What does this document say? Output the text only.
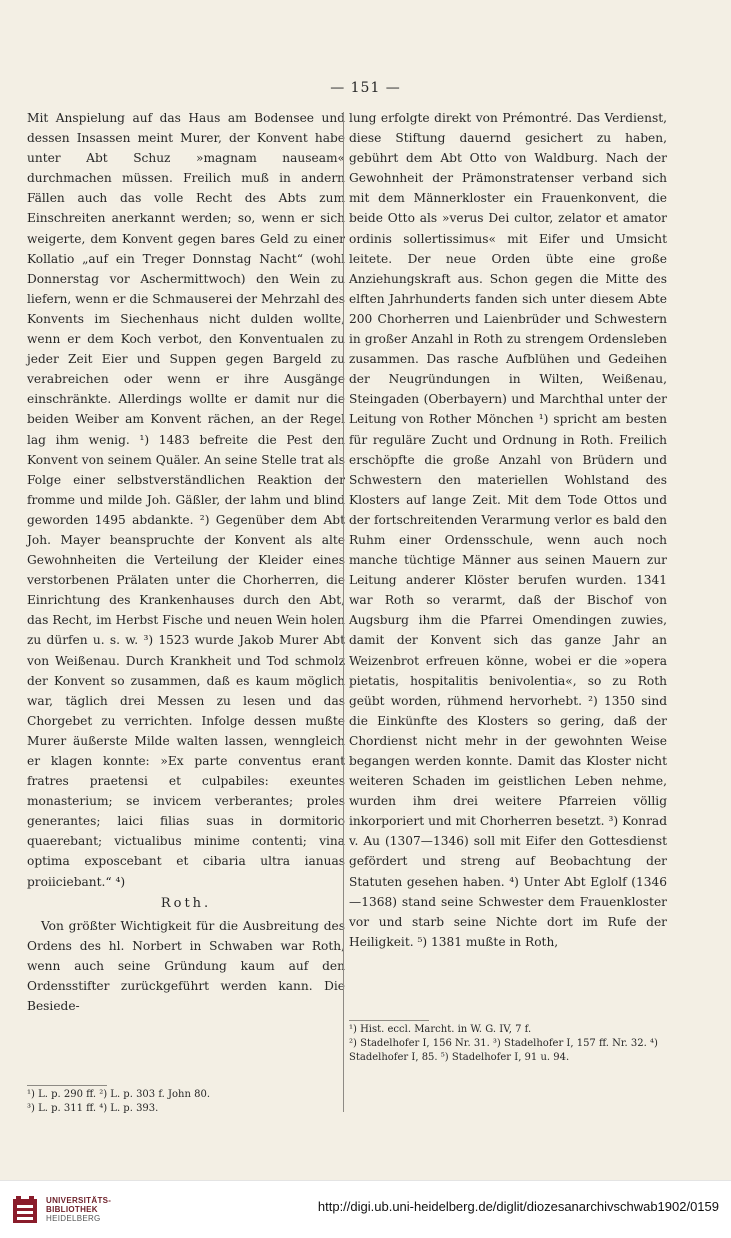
— 151 —

Mit Anspielung auf das Haus am Bodensee und dessen Insassen meint Murer, der Konvent habe unter Abt Schuz »magnam nauseam« durchmachen müssen. Freilich muß in andern Fällen auch das volle Recht des Abts zum Einschreiten anerkannt werden; so, wenn er sich weigerte, dem Konvent gegen bares Geld zu einer Kollatio „auf ein Treger Donnstag Nacht“ (wohl Donnerstag vor Aschermittwoch) den Wein zu liefern, wenn er die Schmauserei der Mehrzahl des Konvents im Siechenhaus nicht dulden wollte, wenn er dem Koch verbot, den Konventualen zu jeder Zeit Eier und Suppen gegen Bargeld zu verabreichen oder wenn er ihre Ausgänge einschränkte. Allerdings wollte er damit nur die beiden Weiber am Konvent rächen, an der Regel lag ihm wenig. ¹) 1483 befreite die Pest den Konvent von seinem Quäler. An seine Stelle trat als Folge einer selbstverständlichen Reaktion der fromme und milde Joh. Gäßler, der lahm und blind geworden 1495 abdankte. ²) Gegenüber dem Abt Joh. Mayer beanspruchte der Konvent als alte Gewohnheiten die Verteilung der Kleider eines verstorbenen Prälaten unter die Chorherren, die Einrichtung des Krankenhauses durch den Abt, das Recht, im Herbst Fische und neuen Wein holen zu dürfen u. s. w. ³) 1523 wurde Jakob Murer Abt von Weißenau. Durch Krankheit und Tod schmolz der Konvent so zusammen, daß es kaum möglich war, täglich drei Messen zu lesen und das Chorgebet zu verrichten. Infolge dessen mußte Murer äußerste Milde walten lassen, wenngleich er klagen konnte: »Ex parte conventus erant fratres praetensi et culpabiles: exeuntes monasterium; se invicem verberantes; proles generantes; laici filias suas in dormitorio quaerebant; victualibus minime contenti; vina optima exposcebant et cibaria ultra ianuas proiiciebant.“ ⁴)

Roth.

Von größter Wichtigkeit für die Ausbreitung des Ordens des hl. Norbert in Schwaben war Roth, wenn auch seine Gründung kaum auf den Ordensstifter zurückgeführt werden kann. Die Besiede-

lung erfolgte direkt von Prémontré. Das Verdienst, diese Stiftung dauernd gesichert zu haben, gebührt dem Abt Otto von Waldburg. Nach der Gewohnheit der Prämonstratenser verband sich mit dem Männerkloster ein Frauenkonvent, die beide Otto als »verus Dei cultor, zelator et amator ordinis sollertissimus« mit Eifer und Umsicht leitete. Der neue Orden übte eine große Anziehungskraft aus. Schon gegen die Mitte des elften Jahrhunderts fanden sich unter diesem Abte 200 Chorherren und Laienbrüder und Schwestern in großer Anzahl in Roth zu strengem Ordensleben zusammen. Das rasche Aufblühen und Gedeihen der Neugründungen in Wilten, Weißenau, Steingaden (Oberbayern) und Marchthal unter der Leitung von Rother Mönchen ¹) spricht am besten für reguläre Zucht und Ordnung in Roth. Freilich erschöpfte die große Anzahl von Brüdern und Schwestern den materiellen Wohlstand des Klosters auf lange Zeit. Mit dem Tode Ottos und der fortschreitenden Verarmung verlor es bald den Ruhm einer Ordensschule, wenn auch noch manche tüchtige Männer aus seinen Mauern zur Leitung anderer Klöster berufen wurden. 1341 war Roth so verarmt, daß der Bischof von Augsburg ihm die Pfarrei Omendingen zuwies, damit der Konvent sich das ganze Jahr an Weizenbrot erfreuen könne, wobei er die »opera pietatis, hospitalitis benivolentia«, so zu Roth geübt worden, rühmend hervorhebt. ²) 1350 sind die Einkünfte des Klosters so gering, daß der Chordienst nicht mehr in der gewohnten Weise begangen werden konnte. Damit das Kloster nicht weiteren Schaden im geistlichen Leben nehme, wurden ihm drei weitere Pfarreien völlig inkorporiert und mit Chorherren besetzt. ³) Konrad v. Au (1307—1346) soll mit Eifer den Gottesdienst gefördert und streng auf Beobachtung der Statuten gesehen haben. ⁴) Unter Abt Eglolf (1346—1368) stand seine Schwester dem Frauenkloster vor und starb seine Nichte dort im Rufe der Heiligkeit. ⁵) 1381 mußte in Roth,

¹) L. p. 290 ff. ²) L. p. 303 f. John 80.
³) L. p. 311 ff. ⁴) L. p. 393.
¹) Hist. eccl. Marcht. in W. G. IV, 7 f.
²) Stadelhofer I, 156 Nr. 31. ³) Stadelhofer I, 157 ff. Nr. 32. ⁴) Stadelhofer I, 85. ⁵) Stadelhofer I, 91 u. 94.
UNIVERSITÄTS-
BIBLIOTHEK
HEIDELBERG
http://digi.ub.uni-heidelberg.de/diglit/diozesanarchivschwab1902/0159
